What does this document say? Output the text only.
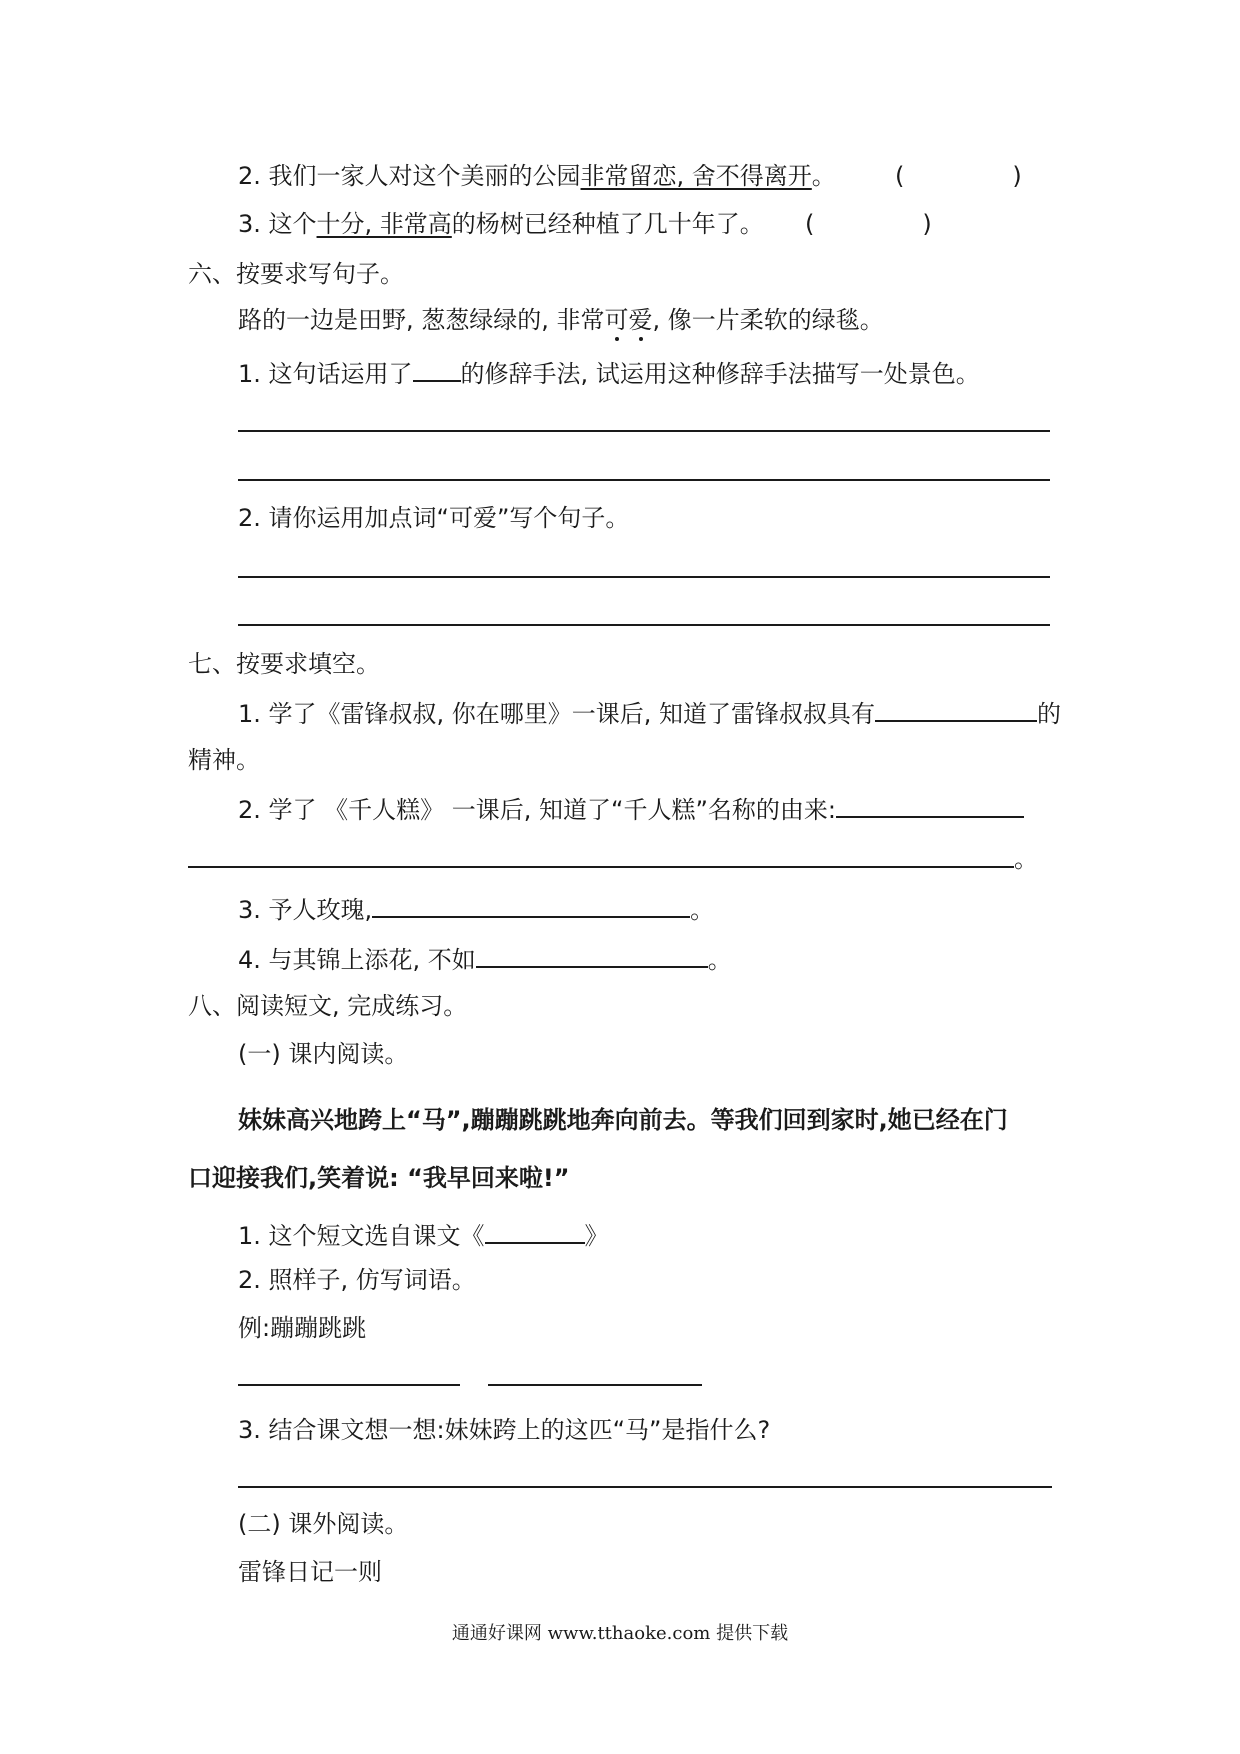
2. 我们一家人对这个美丽的公园非常留恋, 舍不得离开。 (	)
3. 这个十分, 非常高的杨树已经种植了几十年了。 (	)
六、按要求写句子。
路的一边是田野, 葱葱绿绿的, 非常可爱, 像一片柔软的绿毯。
1. 这句话运用了 的修辞手法, 试运用这种修辞手法描写一处景色。
2. 请你运用加点词“可爱”写个句子。
七、按要求填空。
1. 学了《雷锋叔叔, 你在哪里》一课后, 知道了雷锋叔叔具有	的
精神。
2. 学了 《千人糕》 一课后, 知道了“千人糕”名称的由来:
。
3. 予人玫瑰,	。
4. 与其锦上添花, 不如	。
八、阅读短文, 完成练习。
(一) 课内阅读。
妹妹高兴地跨上“马”,蹦蹦跳跳地奔向前去。等我们回到家时,她已经在门
口迎接我们,笑着说: “我早回来啦!”
1. 这个短文选自课文《	》
2. 照样子, 仿写词语。
例:蹦蹦跳跳
3. 结合课文想一想:妹妹跨上的这匹“马”是指什么?
(二) 课外阅读。
雷锋日记一则
通通好课网 www.tthaoke.com 提供下载
